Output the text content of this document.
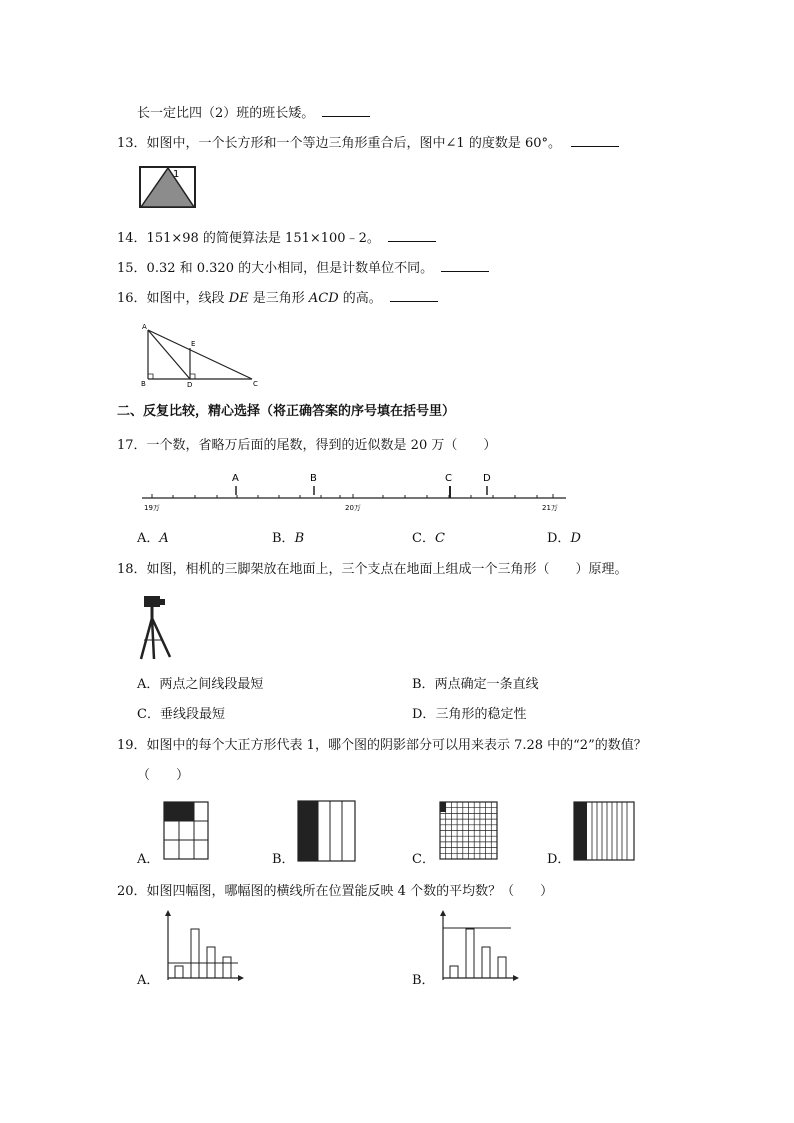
长一定比四（2）班的班长矮。
13．如图中，一个长方形和一个等边三角形重合后，图中∠1 的度数是 60°。
1
14．151×98 的简便算法是 151×100﹣2。
15．0.32 和 0.320 的大小相同，但是计数单位不同。
16．如图中，线段 DE 是三角形 ACD 的高。
A
B	C
D
E
二、反复比较，精心选择（将正确答案的序号填在括号里）
17．一个数，省略万后面的尾数，得到的近似数是 20 万（　　）
A	B	C	D
19万	20万	21万
A．A	B．B	C．C	D．D
18．如图，相机的三脚架放在地面上，三个支点在地面上组成一个三角形（　　）原理。
A．两点之间线段最短	B．两点确定一条直线
C．垂线段最短	D．三角形的稳定性
19．如图中的每个大正方形代表 1，哪个图的阴影部分可以用来表示 7.28 中的“2”的数值？
（　　）
A．	B．	C．	D．
20．如图四幅图，哪幅图的横线所在位置能反映 4 个数的平均数？（　　）
A．	B．
